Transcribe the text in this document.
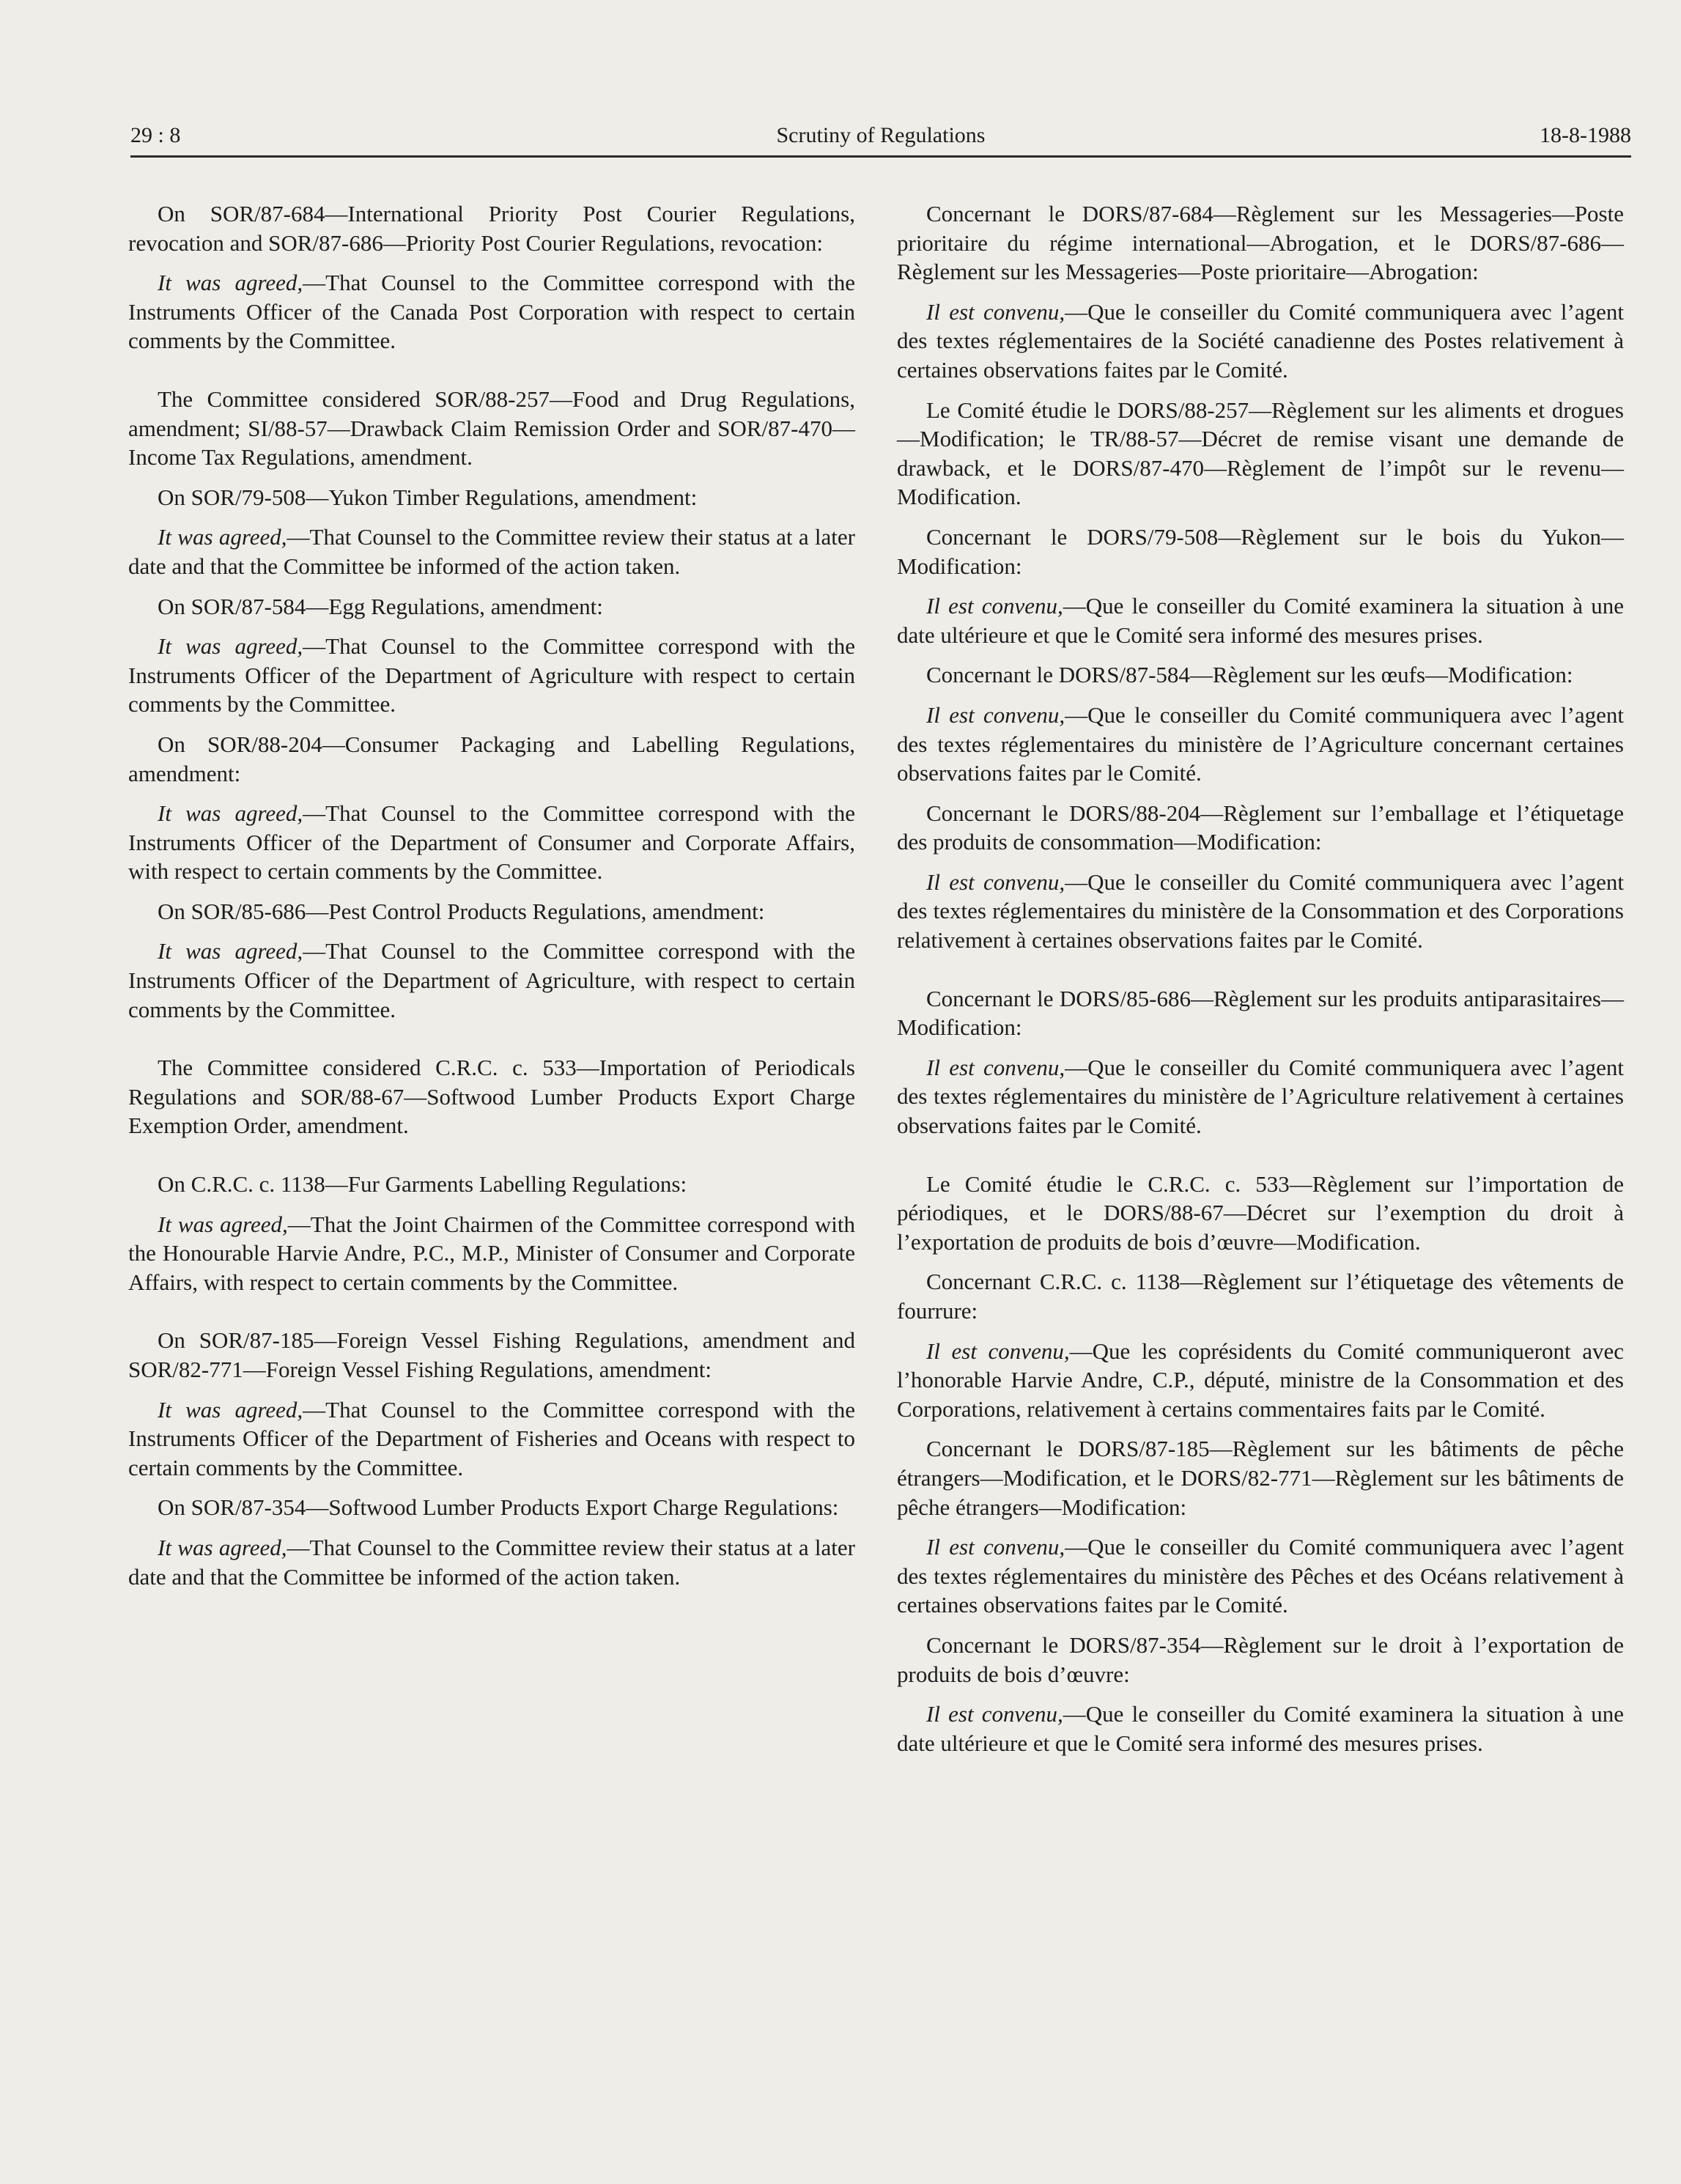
29 : 8	Scrutiny of Regulations	18-8-1988

On SOR/87-684—International Priority Post Courier Regulations, revocation and SOR/87-686—Priority Post Courier Regulations, revocation:

It was agreed,—That Counsel to the Committee correspond with the Instruments Officer of the Canada Post Corporation with respect to certain comments by the Committee.

The Committee considered SOR/88-257—Food and Drug Regulations, amendment; SI/88-57—Drawback Claim Remission Order and SOR/87-470—Income Tax Regulations, amendment.

On SOR/79-508—Yukon Timber Regulations, amendment:

It was agreed,—That Counsel to the Committee review their status at a later date and that the Committee be informed of the action taken.

On SOR/87-584—Egg Regulations, amendment:

It was agreed,—That Counsel to the Committee correspond with the Instruments Officer of the Department of Agriculture with respect to certain comments by the Committee.

On SOR/88-204—Consumer Packaging and Labelling Regulations, amendment:

It was agreed,—That Counsel to the Committee correspond with the Instruments Officer of the Department of Consumer and Corporate Affairs, with respect to certain comments by the Committee.

On SOR/85-686—Pest Control Products Regulations, amendment:

It was agreed,—That Counsel to the Committee correspond with the Instruments Officer of the Department of Agriculture, with respect to certain comments by the Committee.

The Committee considered C.R.C. c. 533—Importation of Periodicals Regulations and SOR/88-67—Softwood Lumber Products Export Charge Exemption Order, amendment.

On C.R.C. c. 1138—Fur Garments Labelling Regulations:

It was agreed,—That the Joint Chairmen of the Committee correspond with the Honourable Harvie Andre, P.C., M.P., Minister of Consumer and Corporate Affairs, with respect to certain comments by the Committee.

On SOR/87-185—Foreign Vessel Fishing Regulations, amendment and SOR/82-771—Foreign Vessel Fishing Regulations, amendment:

It was agreed,—That Counsel to the Committee correspond with the Instruments Officer of the Department of Fisheries and Oceans with respect to certain comments by the Committee.

On SOR/87-354—Softwood Lumber Products Export Charge Regulations:

It was agreed,—That Counsel to the Committee review their status at a later date and that the Committee be informed of the action taken.

Concernant le DORS/87-684—Règlement sur les Messageries—Poste prioritaire du régime international—Abrogation, et le DORS/87-686—Règlement sur les Messageries—Poste prioritaire—Abrogation:

Il est convenu,—Que le conseiller du Comité communiquera avec l’agent des textes réglementaires de la Société canadienne des Postes relativement à certaines observations faites par le Comité.

Le Comité étudie le DORS/88-257—Règlement sur les aliments et drogues—Modification; le TR/88-57—Décret de remise visant une demande de drawback, et le DORS/87-470—Règlement de l’impôt sur le revenu—Modification.

Concernant le DORS/79-508—Règlement sur le bois du Yukon—Modification:

Il est convenu,—Que le conseiller du Comité examinera la situation à une date ultérieure et que le Comité sera informé des mesures prises.

Concernant le DORS/87-584—Règlement sur les œufs—Modification:

Il est convenu,—Que le conseiller du Comité communiquera avec l’agent des textes réglementaires du ministère de l’Agriculture concernant certaines observations faites par le Comité.

Concernant le DORS/88-204—Règlement sur l’emballage et l’étiquetage des produits de consommation—Modification:

Il est convenu,—Que le conseiller du Comité communiquera avec l’agent des textes réglementaires du ministère de la Consommation et des Corporations relativement à certaines observations faites par le Comité.

Concernant le DORS/85-686—Règlement sur les produits antiparasitaires—Modification:

Il est convenu,—Que le conseiller du Comité communiquera avec l’agent des textes réglementaires du ministère de l’Agriculture relativement à certaines observations faites par le Comité.

Le Comité étudie le C.R.C. c. 533—Règlement sur l’importation de périodiques, et le DORS/88-67—Décret sur l’exemption du droit à l’exportation de produits de bois d’œuvre—Modification.

Concernant C.R.C. c. 1138—Règlement sur l’étiquetage des vêtements de fourrure:

Il est convenu,—Que les coprésidents du Comité communiqueront avec l’honorable Harvie Andre, C.P., député, ministre de la Consommation et des Corporations, relativement à certains commentaires faits par le Comité.

Concernant le DORS/87-185—Règlement sur les bâtiments de pêche étrangers—Modification, et le DORS/82-771—Règlement sur les bâtiments de pêche étrangers—Modification:

Il est convenu,—Que le conseiller du Comité communiquera avec l’agent des textes réglementaires du ministère des Pêches et des Océans relativement à certaines observations faites par le Comité.

Concernant le DORS/87-354—Règlement sur le droit à l’exportation de produits de bois d’œuvre:

Il est convenu,—Que le conseiller du Comité examinera la situation à une date ultérieure et que le Comité sera informé des mesures prises.
